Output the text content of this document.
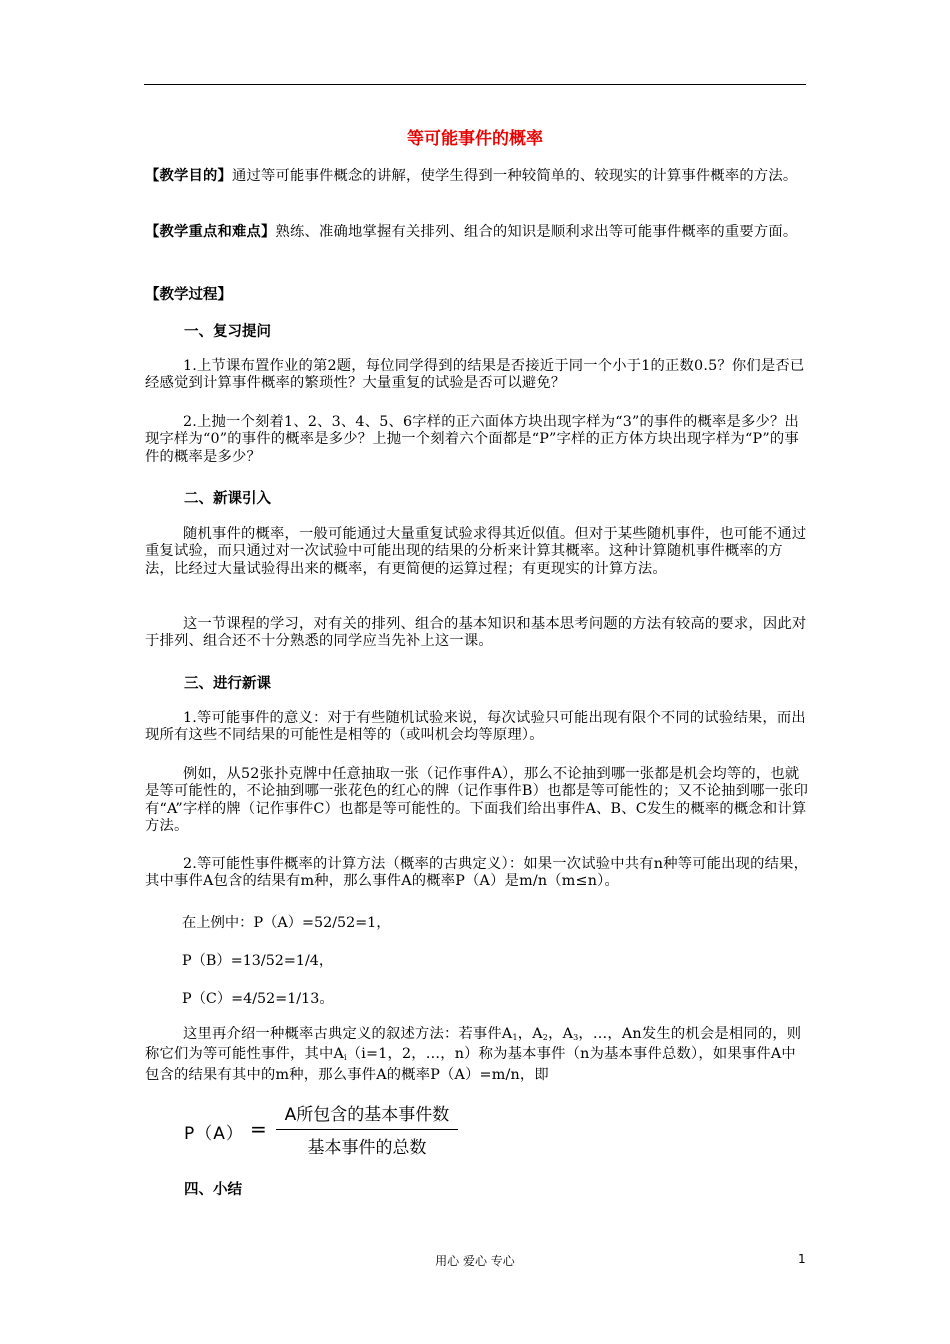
等可能事件的概率
【教学目的】通过等可能事件概念的讲解，使学生得到一种较简单的、较现实的计算事件概率的方法。
【教学重点和难点】熟练、准确地掌握有关排列、组合的知识是顺利求出等可能事件概率的重要方面。
【教学过程】
一、复习提问
1.上节课布置作业的第2题，每位同学得到的结果是否接近于同一个小于1的正数0.5？你们是否已经感觉到计算事件概率的繁琐性？大量重复的试验是否可以避免？
2.上抛一个刻着1、2、3、4、5、6字样的正六面体方块出现字样为“3”的事件的概率是多少？出现字样为“0”的事件的概率是多少？上抛一个刻着六个面都是“P”字样的正方体方块出现字样为“P”的事件的概率是多少？
二、新课引入
随机事件的概率，一般可能通过大量重复试验求得其近似值。但对于某些随机事件，也可能不通过重复试验，而只通过对一次试验中可能出现的结果的分析来计算其概率。这种计算随机事件概率的方法，比经过大量试验得出来的概率，有更简便的运算过程；有更现实的计算方法。
这一节课程的学习，对有关的排列、组合的基本知识和基本思考问题的方法有较高的要求，因此对于排列、组合还不十分熟悉的同学应当先补上这一课。
三、进行新课
1.等可能事件的意义：对于有些随机试验来说，每次试验只可能出现有限个不同的试验结果，而出现所有这些不同结果的可能性是相等的（或叫机会均等原理）。
例如，从52张扑克牌中任意抽取一张（记作事件A），那么不论抽到哪一张都是机会均等的，也就是等可能性的，不论抽到哪一张花色的红心的牌（记作事件B）也都是等可能性的；又不论抽到哪一张印有“A”字样的牌（记作事件C）也都是等可能性的。下面我们给出事件A、B、C发生的概率的概念和计算方法。
2.等可能性事件概率的计算方法（概率的古典定义）：如果一次试验中共有n种等可能出现的结果，其中事件A包含的结果有m种，那么事件A的概率P（A）是m/n（m≤n）。
在上例中：P（A）=52/52=1，
P（B）=13/52=1/4，
P（C）=4/52=1/13。
这里再介绍一种概率古典定义的叙述方法：若事件$A_1$，$A_2$，$A_3$，…，An发生的机会是相同的，则称它们为等可能性事件，其中$A_i(i=1$，2，…，n）称为基本事件（n为基本事件总数），如果事件A中包含的结果有其中的m种，那么事件A的概率P（A）=m/n，即
P（A） =
A所包含的基本事件数
基本事件的总数
四、小结
用心 爱心 专心	1
